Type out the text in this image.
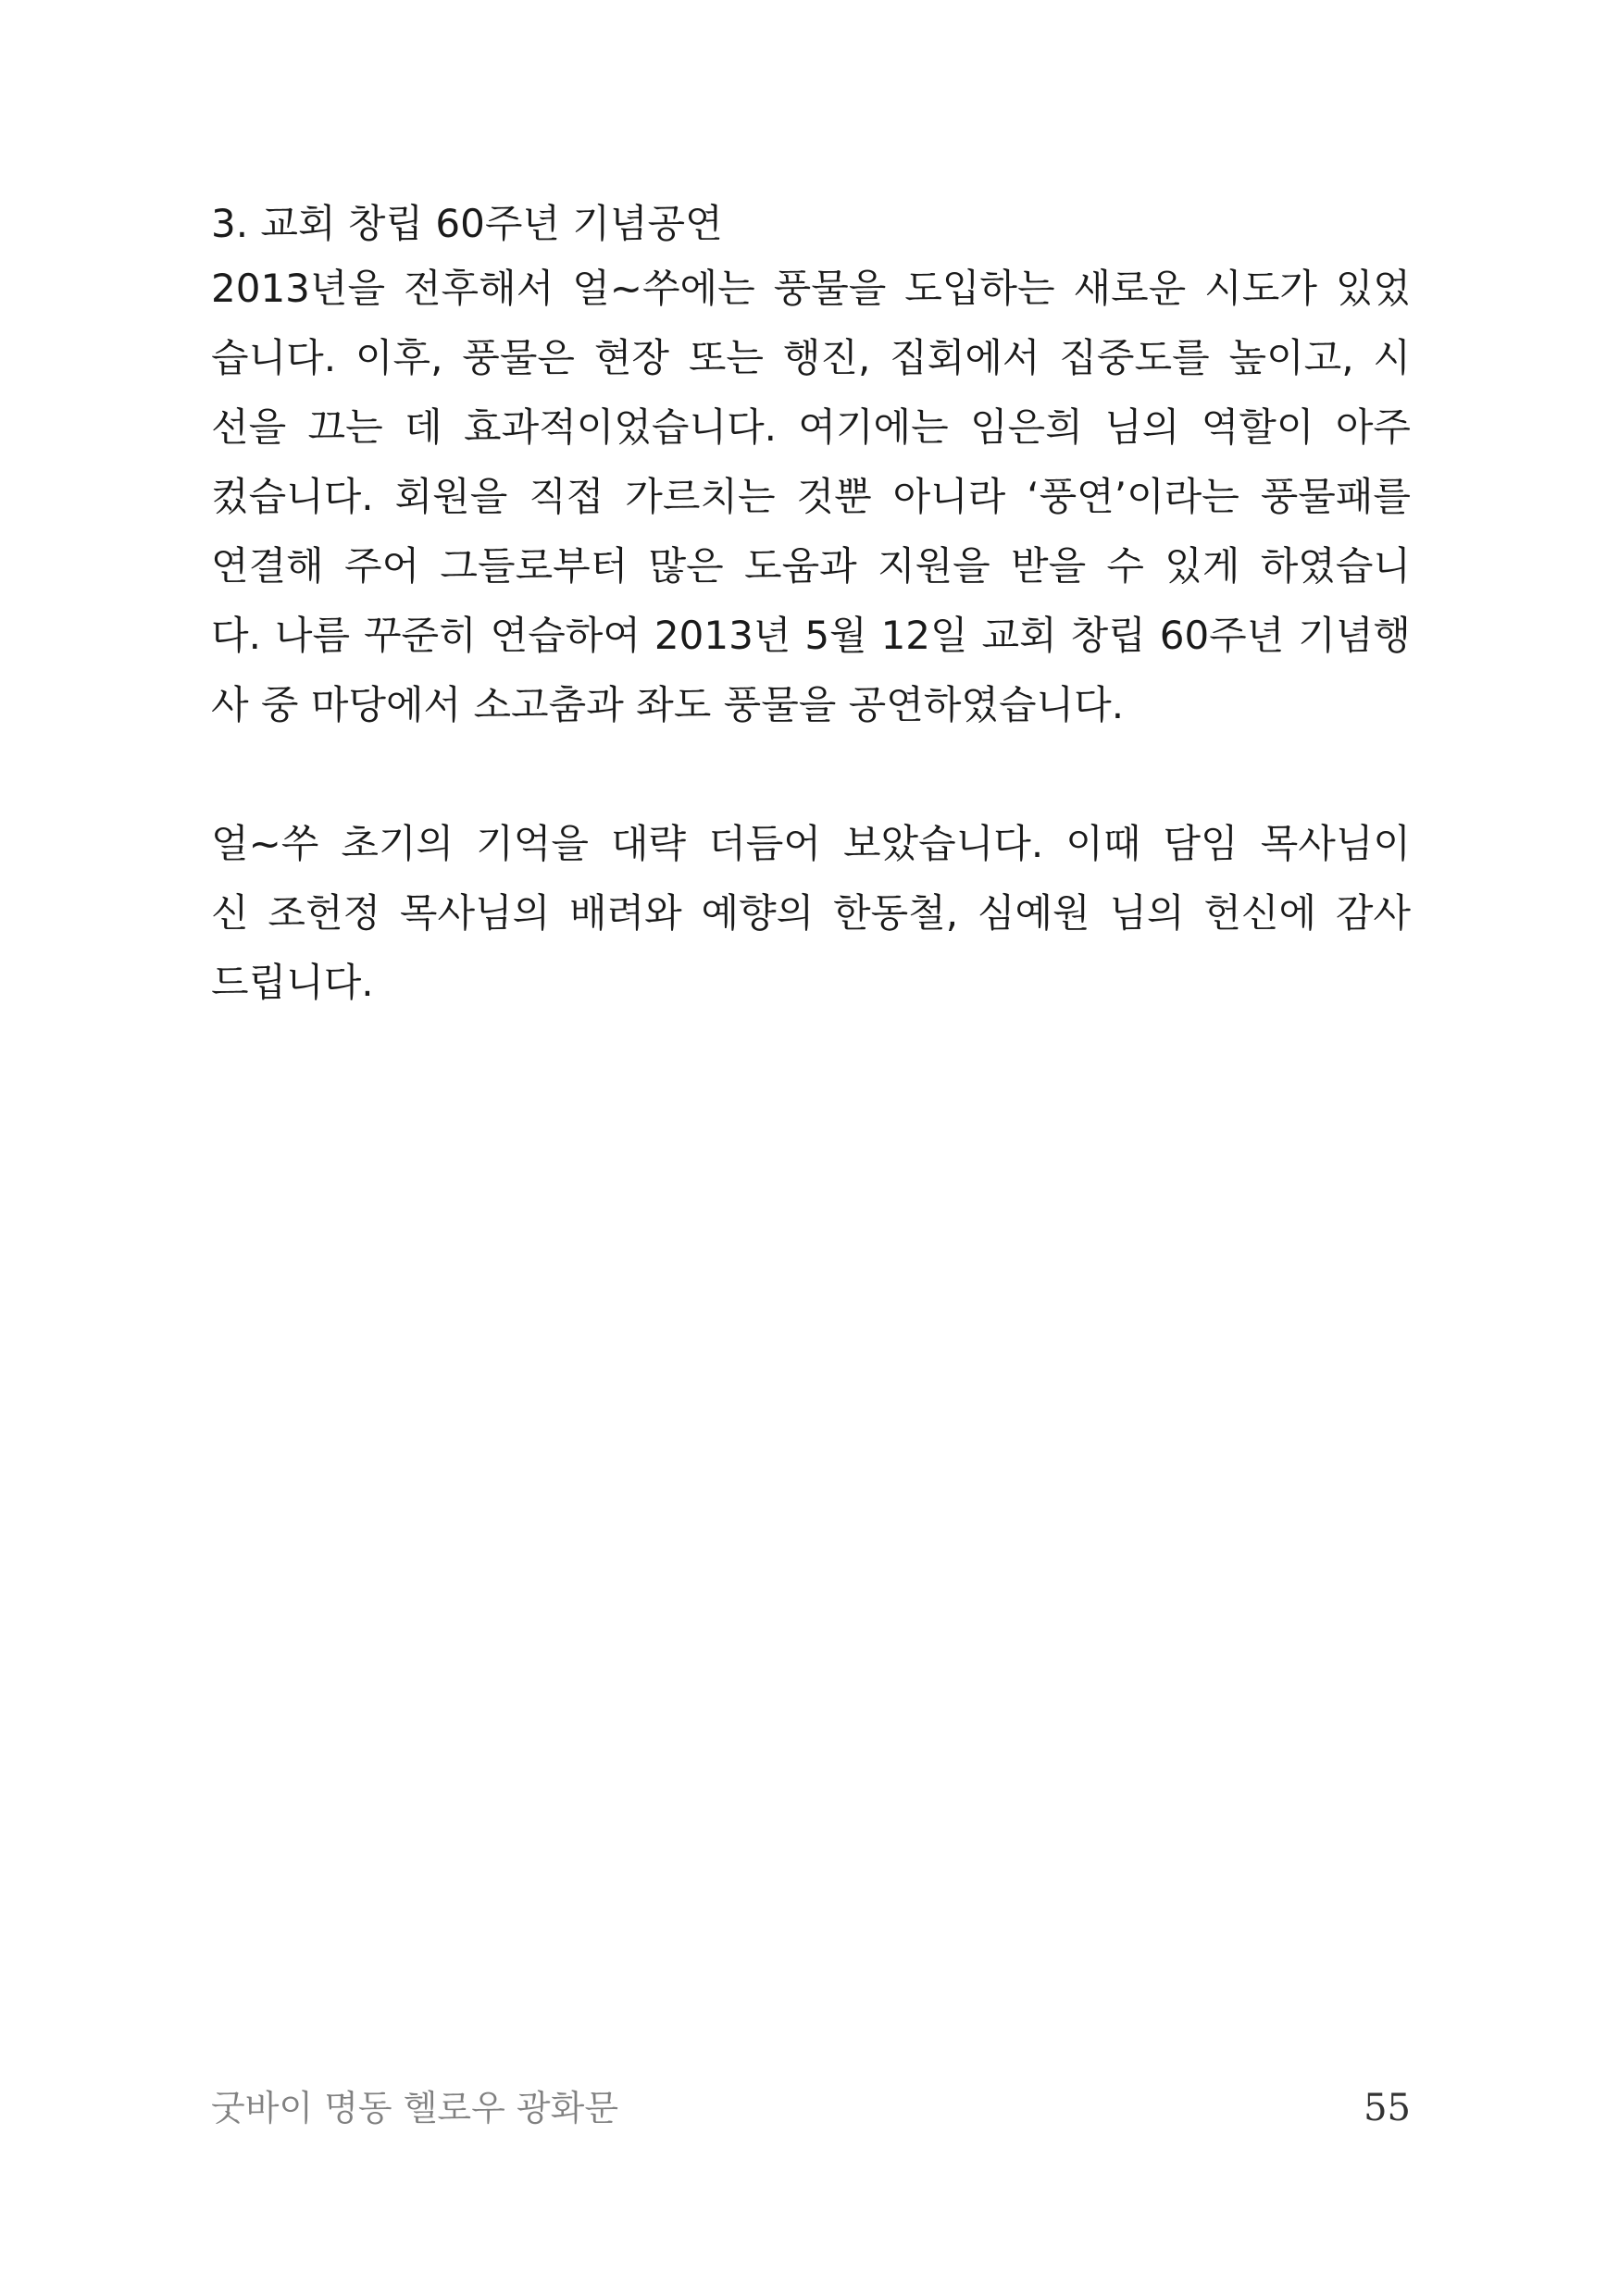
3. 교회 창립 60주년 기념공연
2013년을 전후해서 얼~쑤에는 풍물을 도입하는 새로운 시도가 있었
습니다. 이후, 풍물은 현장 또는 행진, 집회에서 집중도를 높이고, 시
선을 끄는 데 효과적이었습니다. 여기에는 임은희 님의 역할이 아주
컸습니다. 회원을 직접 가르치는 것뿐 아니라 ‘풍연’이라는 풍물패를
연결해 주어 그들로부터 많은 도움과 지원을 받을 수 있게 하였습니
다. 나름 꾸준히 연습하여 2013년 5월 12일 교회 창립 60주년 기념행
사 중 마당에서 소고춤과 좌도 풍물을 공연하였습니다.
얼~쑤 초기의 기억을 대략 더듬어 보았습니다. 이때 담임 목사님이
신 조헌정 목사님의 배려와 예향의 한동철, 심예원 님의 헌신에 감사
드립니다.
굿바이 명동 헬로우 광화문	55
